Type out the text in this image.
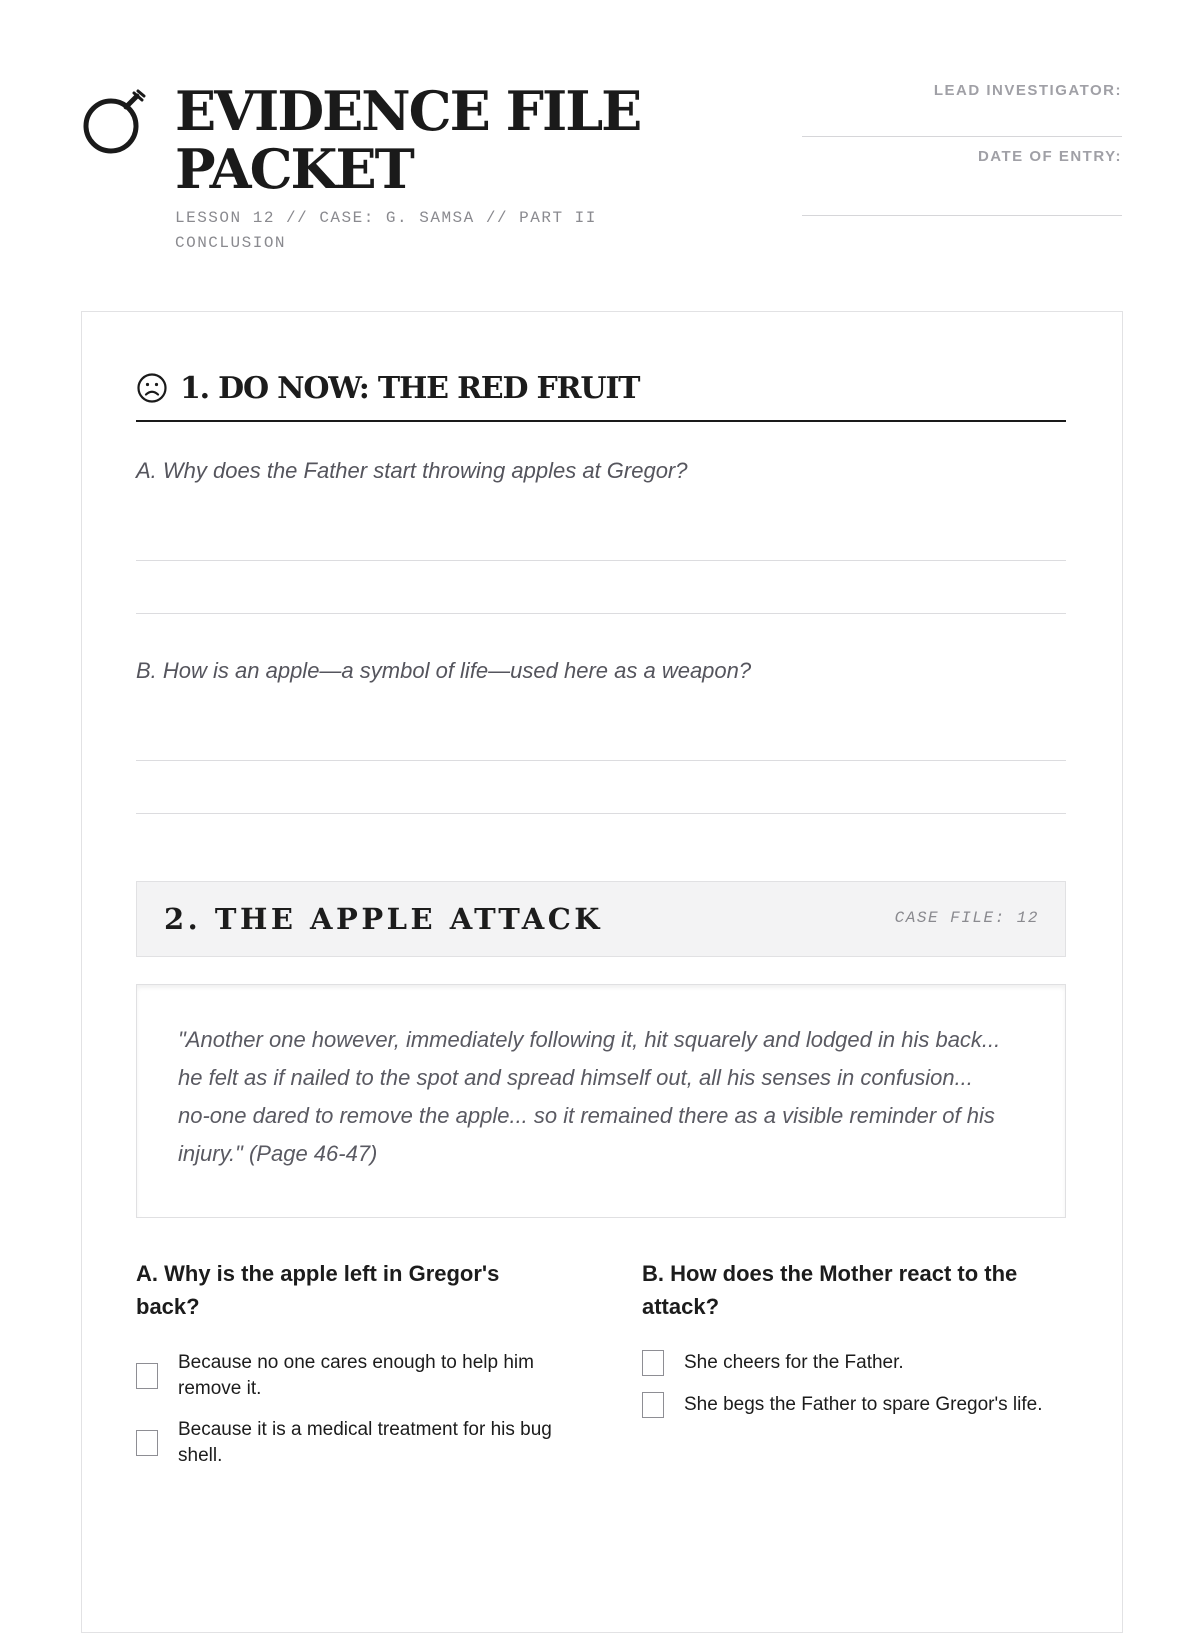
EVIDENCE FILE PACKET
LESSON 12 // CASE: G. SAMSA // PART II CONCLUSION
LEAD INVESTIGATOR:
DATE OF ENTRY:
1. DO NOW: THE RED FRUIT
A. Why does the Father start throwing apples at Gregor?
B. How is an apple—a symbol of life—used here as a weapon?
2. THE APPLE ATTACK	CASE FILE: 12
"Another one however, immediately following it, hit squarely and lodged in his back... he felt as if nailed to the spot and spread himself out, all his senses in confusion... no-one dared to remove the apple... so it remained there as a visible reminder of his injury." (Page 46-47)
A. Why is the apple left in Gregor's back?
Because no one cares enough to help him remove it.
Because it is a medical treatment for his bug shell.
B. How does the Mother react to the attack?
She cheers for the Father.
She begs the Father to spare Gregor's life.
